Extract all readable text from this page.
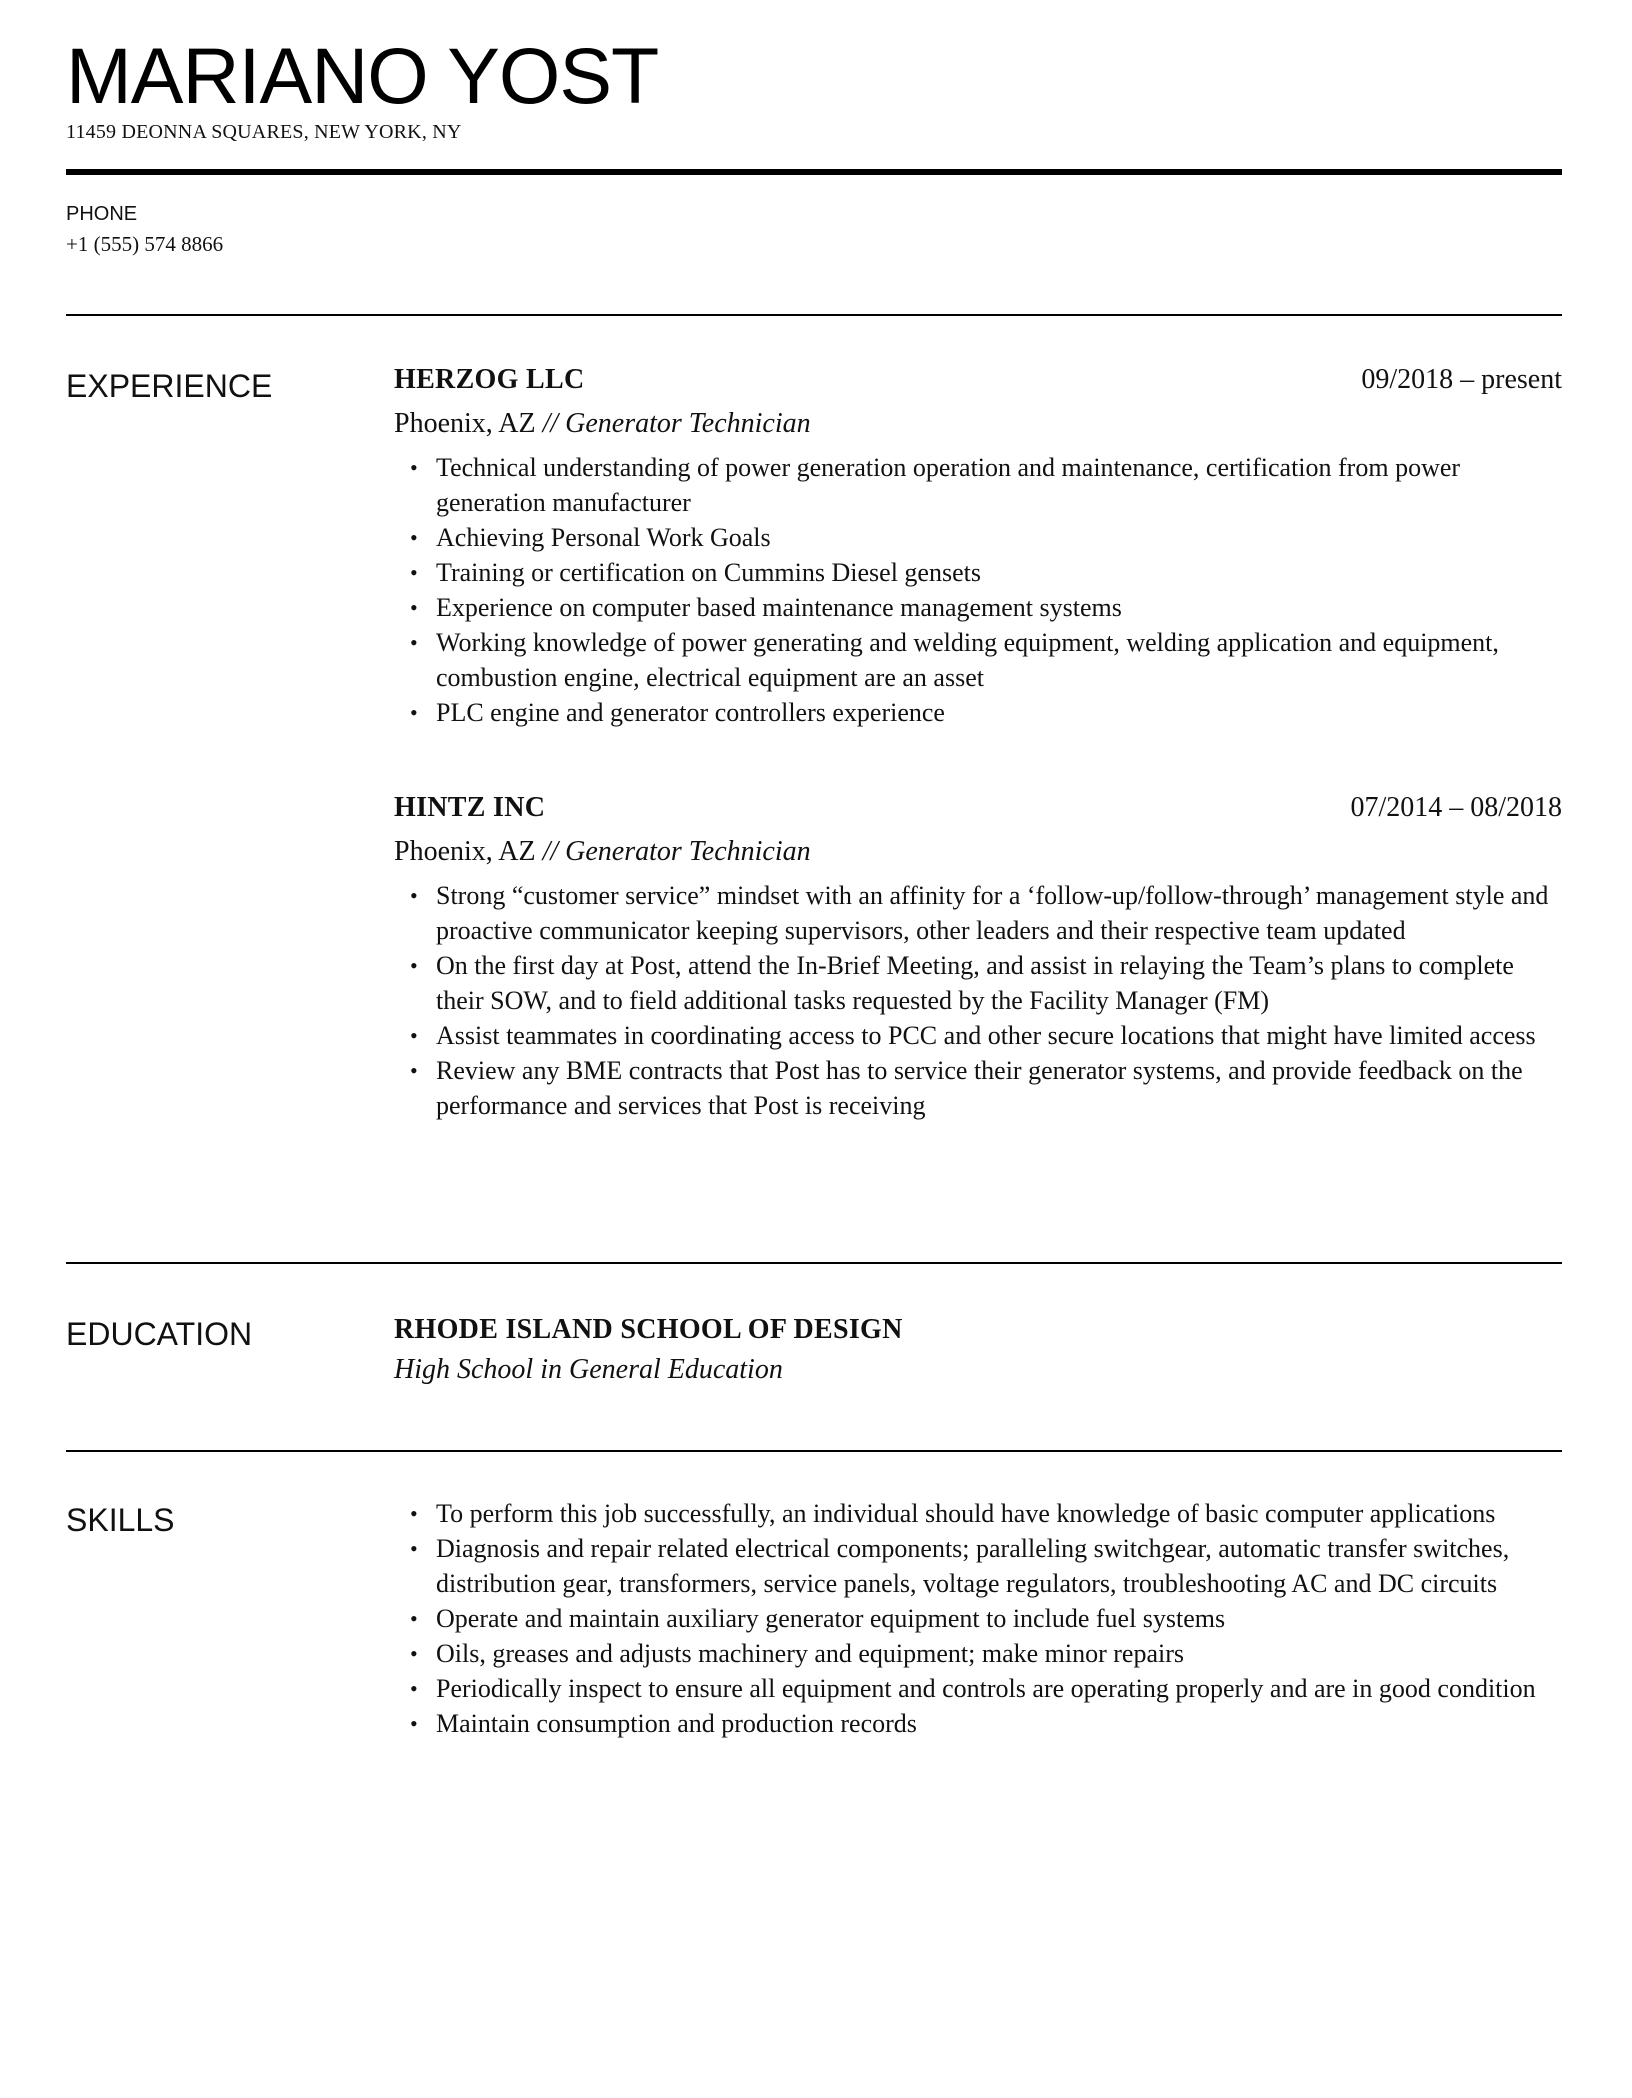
MARIANO YOST
11459 DEONNA SQUARES, NEW YORK, NY
PHONE
+1 (555) 574 8866
EXPERIENCE	HERZOG LLC	09/2018 – present
Phoenix, AZ // Generator Technician
• Technical understanding of power generation operation and maintenance, certification from power generation manufacturer
• Achieving Personal Work Goals
• Training or certification on Cummins Diesel gensets
• Experience on computer based maintenance management systems
• Working knowledge of power generating and welding equipment, welding application and equipment, combustion engine, electrical equipment are an asset
• PLC engine and generator controllers experience
HINTZ INC	07/2014 – 08/2018
Phoenix, AZ // Generator Technician
• Strong “customer service” mindset with an affinity for a ‘follow-up/follow-through’ management style and proactive communicator keeping supervisors, other leaders and their respective team updated
• On the first day at Post, attend the In-Brief Meeting, and assist in relaying the Team’s plans to complete their SOW, and to field additional tasks requested by the Facility Manager (FM)
• Assist teammates in coordinating access to PCC and other secure locations that might have limited access
• Review any BME contracts that Post has to service their generator systems, and provide feedback on the performance and services that Post is receiving
EDUCATION	RHODE ISLAND SCHOOL OF DESIGN
High School in General Education
SKILLS
•	To perform this job successfully, an individual should have knowledge of basic computer applications
• Diagnosis and repair related electrical components; paralleling switchgear, automatic transfer switches, distribution gear, transformers, service panels, voltage regulators, troubleshooting AC and DC circuits
• Operate and maintain auxiliary generator equipment to include fuel systems
• Oils, greases and adjusts machinery and equipment; make minor repairs
• Periodically inspect to ensure all equipment and controls are operating properly and are in good condition
• Maintain consumption and production records
